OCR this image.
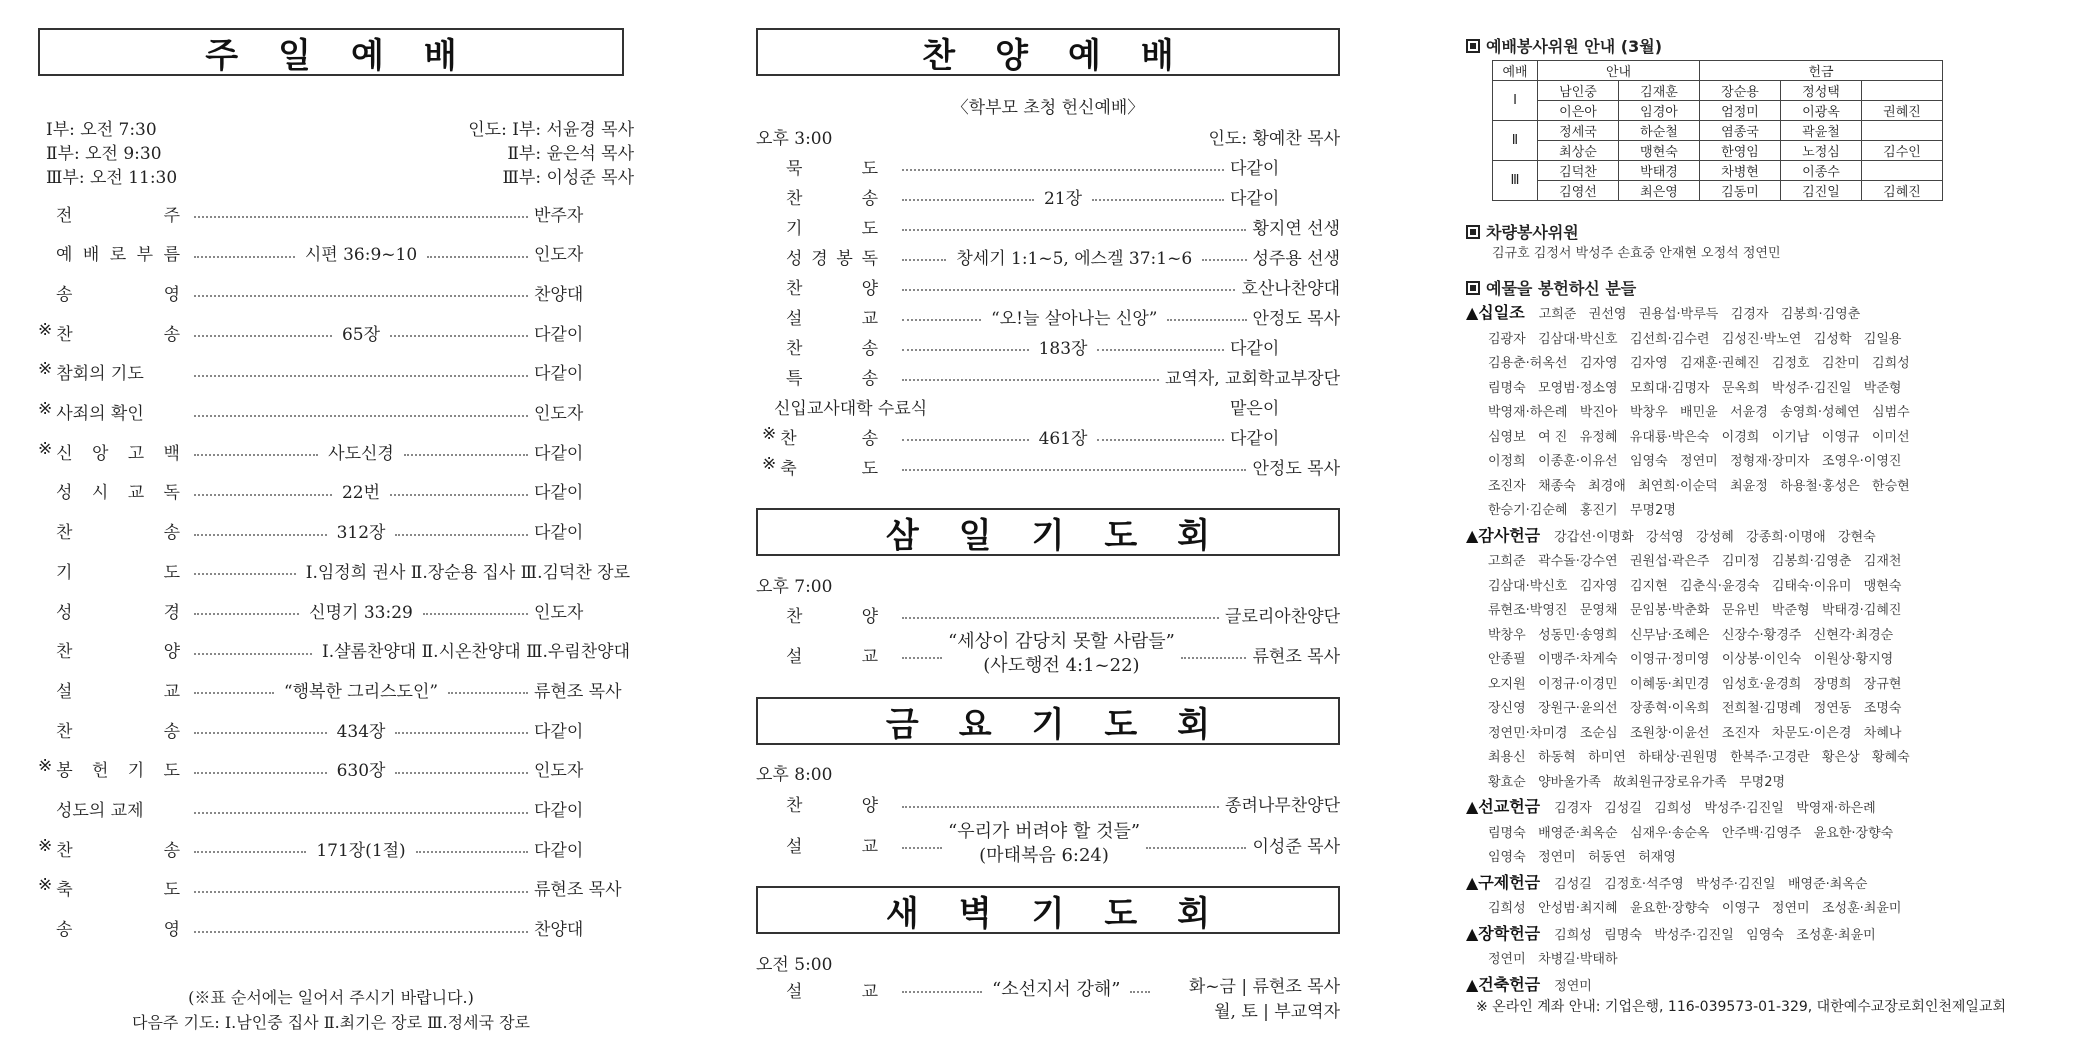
주일예배
Ⅰ부: 오전 7:30
Ⅱ부: 오전 9:30
Ⅲ부: 오전 11:30
인도: Ⅰ부: 서윤경 목사
Ⅱ부: 윤은석 목사
Ⅲ부: 이성준 목사
전	주	반주자
예 배 로 부 름	시편 36:9~10	인도자
송	영	찬양대
※ 찬	송	65장	다같이
※ 참회의 기도	다같이
※ 사죄의 확인	인도자
※ 신 앙 고 백	사도신경	다같이
성 시 교 독	22번	다같이
찬	송	312장	다같이
기	도	Ⅰ.임정희 권사 Ⅱ.장순용 집사 Ⅲ.김덕찬 장로
성	경	신명기 33:29	인도자
찬	양	Ⅰ.샬롬찬양대 Ⅱ.시온찬양대 Ⅲ.우림찬양대
설	교	“행복한 그리스도인”	류현조 목사
찬	송	434장	다같이
※ 봉 헌 기 도	630장	인도자
성도의 교제	다같이
※ 찬	송	171장(1절)	다같이
※ 축	도	류현조 목사
송	영	찬양대
(※표 순서에는 일어서 주시기 바랍니다.)
다음주 기도: Ⅰ.남인중 집사 Ⅱ.최기은 장로 Ⅲ.정세국 장로
찬양예배
〈학부모 초청 헌신예배〉
오후 3:00	인도: 황예찬 목사
묵	도	다같이
찬	송	21장	다같이
기	도	황지연 선생
성 경 봉 독	창세기 1:1~5, 에스겔 37:1~6	성주용 선생
찬	양	호산나찬양대
설	교	“오!늘 살아나는 신앙”	안정도 목사
찬	송	183장	다같이
특	송	교역자, 교회학교부장단
신입교사대학 수료식	맡은이
※ 찬	송	461장	다같이
※ 축	도	안정도 목사
삼일기도회
오후 7:00
찬	양	글로리아찬양단
설	교
“세상이 감당치 못할 사람들”
(사도행전 4:1~22)	류현조 목사
금요기도회
오후 8:00
찬	양	종려나무찬양단
설	교
“우리가 버려야 할 것들”
(마태복음 6:24)	이성준 목사
새벽기도회
오전 5:00
설	교	“소선지서 강해”	화~금 | 류현조 목사
월, 토 | 부교역자
예배봉사위원 안내 (3월)
예배	안내		헌금		
Ⅰ	남인중	김재훈	장순용	정성택	
	이은아	임경아	엄정미	이광옥	권혜진
Ⅱ	정세국	하순철	염종국	곽윤철	
	최상순	맹현숙	한영임	노정심	김수인
Ⅲ	김덕찬	박태경	차병현	이종수	
	김영선	최은영	김동미	김진일	김혜진
차량봉사위원
김규호 김정서 박성주 손효중 안재현 오정석 정연민
예물을 봉헌하신 분들
▲십일조 고희준   권선영   권용섭·박루득   김경자   김봉희·김영춘
김광자   김삼대·박신호   김선희·김수련   김성진·박노연   김성학   김일용
김용춘·허옥선   김자영   김자영   김재훈·권혜진   김정호   김찬미   김희성
림명숙   모영범·정소영   모희대·김명자   문옥희   박성주·김진일   박준형
박영재·하은례   박진아   박창우   배민윤   서윤경   송영희·성혜연   심범수
심영보   여 진   유정혜   유대룡·박은숙   이경희   이기남   이영규   이미선
이정희   이종훈·이유선   임영숙   정연미   정형재·장미자   조영우·이영진
조진자   채종숙   최경애   최연희·이순덕   최윤정   하용철·홍성은   한승현
한승기·김순혜   홍진기   무명2명
▲감사헌금 강갑선·이명화   강석영   강성혜   강종희·이명애   강현숙
고희준   곽수돌·강수연   권원섭·곽은주   김미정   김봉희·김영춘   김재천
김삼대·박신호   김자영   김지현   김춘식·윤경숙   김태숙·이유미   맹현숙
류현조·박영진   문영채   문임봉·박춘화   문유빈   박준형   박태경·김혜진
박창우   성동민·송영희   신무남·조혜은   신장수·황경주   신현각·최경순
안종필   이맹주·차계숙   이영규·정미영   이상봉·이인숙   이원상·황지영
오지원   이정규·이경민   이혜동·최민경   임성호·윤경희   장명희   장규현
장신영   장원구·윤의선   장종혁·이옥희   전희철·김명례   정연동   조명숙
정연민·차미경   조순심   조원창·이윤선   조진자   차문도·이은경   차혜나
최용신   하동혁   하미연   하태상·권원명   한복주·고경란   황은상   황혜숙
황효순   양바울가족   故최원규장로유가족   무명2명
▲선교헌금 김경자   김성길   김희성   박성주·김진일   박영재·하은례
림명숙   배영준·최옥순   심재우·송순옥   안주백·김영주   윤요한·장향숙
임영숙   정연미   허동연   허재영
▲구제헌금 김성길   김정호·석주영   박성주·김진일   배영준·최옥순
김희성   안성범·최지혜   윤요한·장향숙   이영구   정연미   조성훈·최윤미
▲장학헌금 김희성   림명숙   박성주·김진일   임영숙   조성훈·최윤미
정연미   차병길·박태하
▲건축헌금 정연미
※ 온라인 계좌 안내: 기업은행, 116-039573-01-329, 대한예수교장로회인천제일교회
